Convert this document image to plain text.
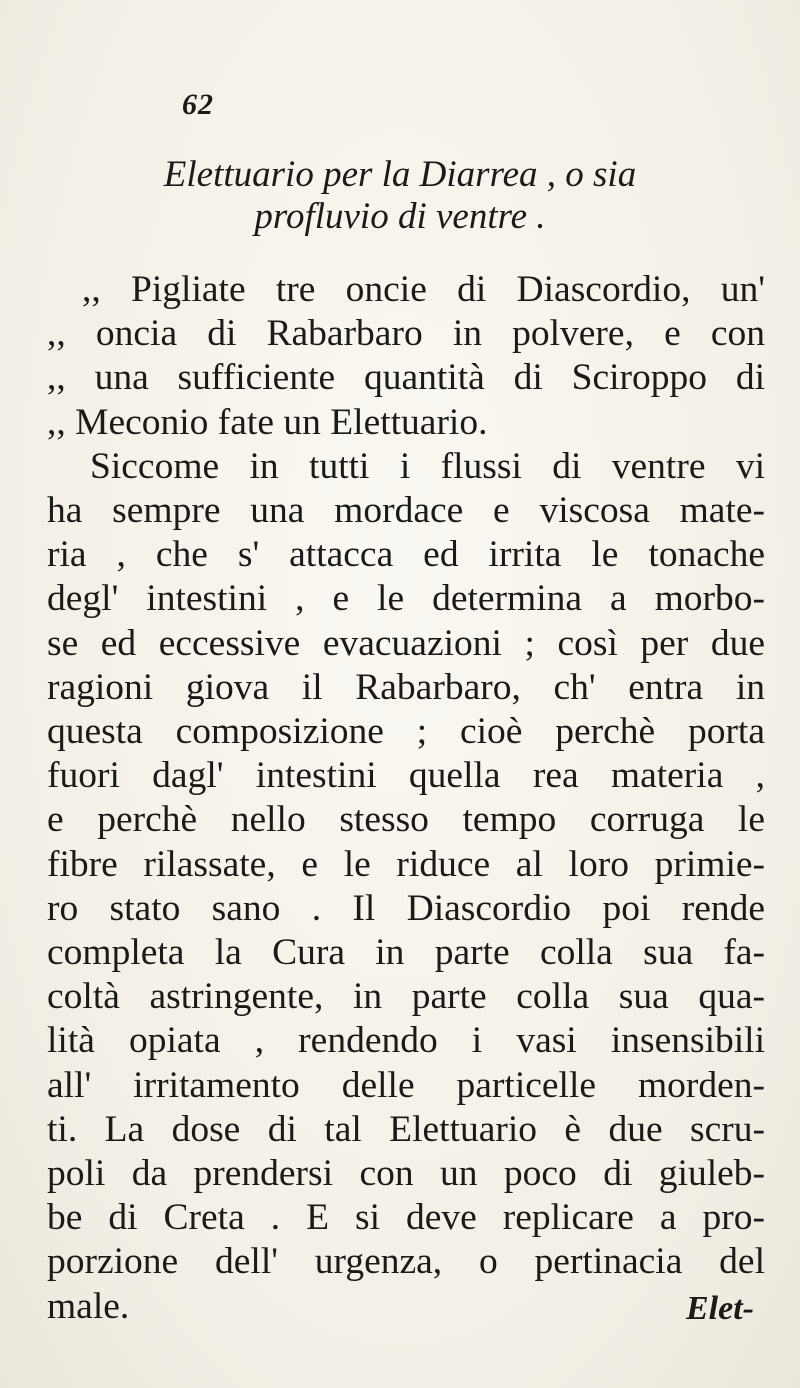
62
Elettuario per la Diarrea , o sia
profluvio di ventre .
,, Pigliate tre oncie di Diascordio, un'
,, oncia di Rabarbaro in polvere, e con
,, una sufficiente quantità di Sciroppo di
,, Meconio fate un Elettuario.
Siccome in tutti i flussi di ventre vi
ha sempre una mordace e viscosa mate-
ria , che s' attacca ed irrita le tonache
degl' intestini , e le determina a morbo-
se ed eccessive evacuazioni ; così per due
ragioni giova il Rabarbaro, ch' entra in
questa composizione ; cioè perchè porta
fuori dagl' intestini quella rea materia ,
e perchè nello stesso tempo corruga le
fibre rilassate, e le riduce al loro primie-
ro stato sano . Il Diascordio poi rende
completa la Cura in parte colla sua fa-
coltà astringente, in parte colla sua qua-
lità opiata , rendendo i vasi insensibili
all' irritamento delle particelle morden-
ti. La dose di tal Elettuario è due scru-
poli da prendersi con un poco di giuleb-
be di Creta . E si deve replicare a pro-
porzione dell' urgenza, o pertinacia del
male.	Elet-
